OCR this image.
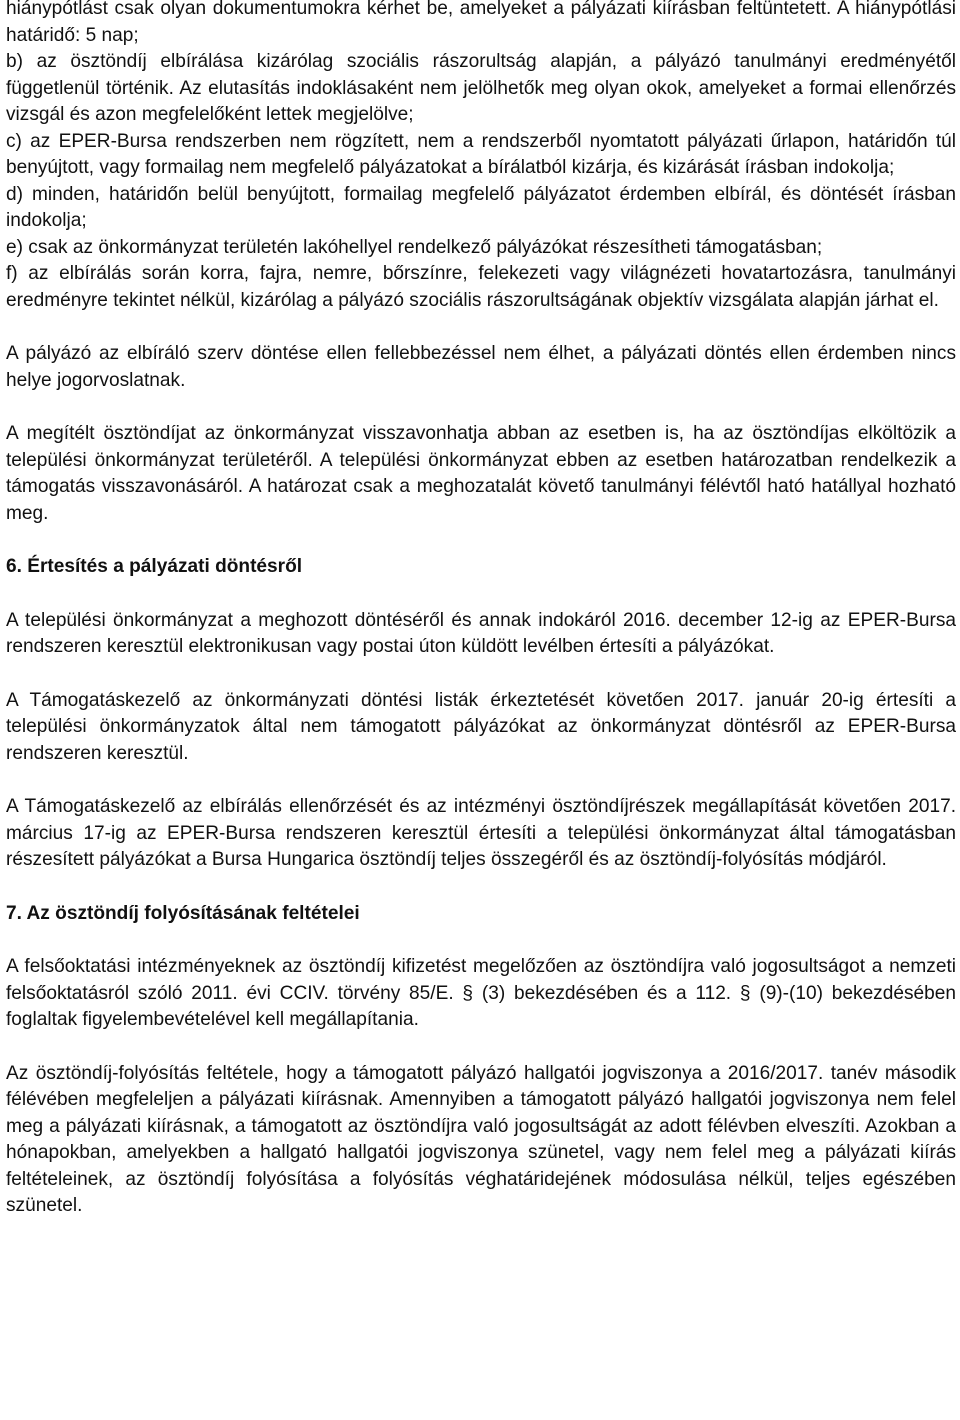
hiánypótlást csak olyan dokumentumokra kérhet be, amelyeket a pályázati kiírásban feltüntetett. A hiánypótlási határidő: 5 nap;

b) az ösztöndíj elbírálása kizárólag szociális rászorultság alapján, a pályázó tanulmányi eredményétől függetlenül történik. Az elutasítás indoklásaként nem jelölhetők meg olyan okok, amelyeket a formai ellenőrzés vizsgál és azon megfelelőként lettek megjelölve;

c) az EPER-Bursa rendszerben nem rögzített, nem a rendszerből nyomtatott pályázati űrlapon, határidőn túl benyújtott, vagy formailag nem megfelelő pályázatokat a bírálatból kizárja, és kizárását írásban indokolja;

d) minden, határidőn belül benyújtott, formailag megfelelő pályázatot érdemben elbírál, és döntését írásban indokolja;

e) csak az önkormányzat területén lakóhellyel rendelkező pályázókat részesítheti támogatásban;

f) az elbírálás során korra, fajra, nemre, bőrszínre, felekezeti vagy világnézeti hovatartozásra, tanulmányi eredményre tekintet nélkül, kizárólag a pályázó szociális rászorultságának objektív vizsgálata alapján járhat el.

A pályázó az elbíráló szerv döntése ellen fellebbezéssel nem élhet, a pályázati döntés ellen érdemben nincs helye jogorvoslatnak.

A megítélt ösztöndíjat az önkormányzat visszavonhatja abban az esetben is, ha az ösztöndíjas elköltözik a települési önkormányzat területéről. A települési önkormányzat ebben az esetben határozatban rendelkezik a támogatás visszavonásáról. A határozat csak a meghozatalát követő tanulmányi félévtől ható hatállyal hozható meg.

6. Értesítés a pályázati döntésről

A települési önkormányzat a meghozott döntéséről és annak indokáról 2016. december 12-ig az EPER-Bursa rendszeren keresztül elektronikusan vagy postai úton küldött levélben értesíti a pályázókat.

A Támogatáskezelő az önkormányzati döntési listák érkeztetését követően 2017. január 20-ig értesíti a települési önkormányzatok által nem támogatott pályázókat az önkormányzat döntésről az EPER-Bursa rendszeren keresztül.

A Támogatáskezelő az elbírálás ellenőrzését és az intézményi ösztöndíjrészek megállapítását követően 2017. március 17-ig az EPER-Bursa rendszeren keresztül értesíti a települési önkormányzat által támogatásban részesített pályázókat a Bursa Hungarica ösztöndíj teljes összegéről és az ösztöndíj-folyósítás módjáról.

7. Az ösztöndíj folyósításának feltételei

A felsőoktatási intézményeknek az ösztöndíj kifizetést megelőzően az ösztöndíjra való jogosultságot a nemzeti felsőoktatásról szóló 2011. évi CCIV. törvény 85/E. § (3) bekezdésében és a 112. § (9)-(10) bekezdésében foglaltak figyelembevételével kell megállapítania.

Az ösztöndíj-folyósítás feltétele, hogy a támogatott pályázó hallgatói jogviszonya a 2016/2017. tanév második félévében megfeleljen a pályázati kiírásnak. Amennyiben a támogatott pályázó hallgatói jogviszonya nem felel meg a pályázati kiírásnak, a támogatott az ösztöndíjra való jogosultságát az adott félévben elveszíti. Azokban a hónapokban, amelyekben a hallgató hallgatói jogviszonya szünetel, vagy nem felel meg a pályázati kiírás feltételeinek, az ösztöndíj folyósítása a folyósítás véghatáridejének módosulása nélkül, teljes egészében szünetel.
